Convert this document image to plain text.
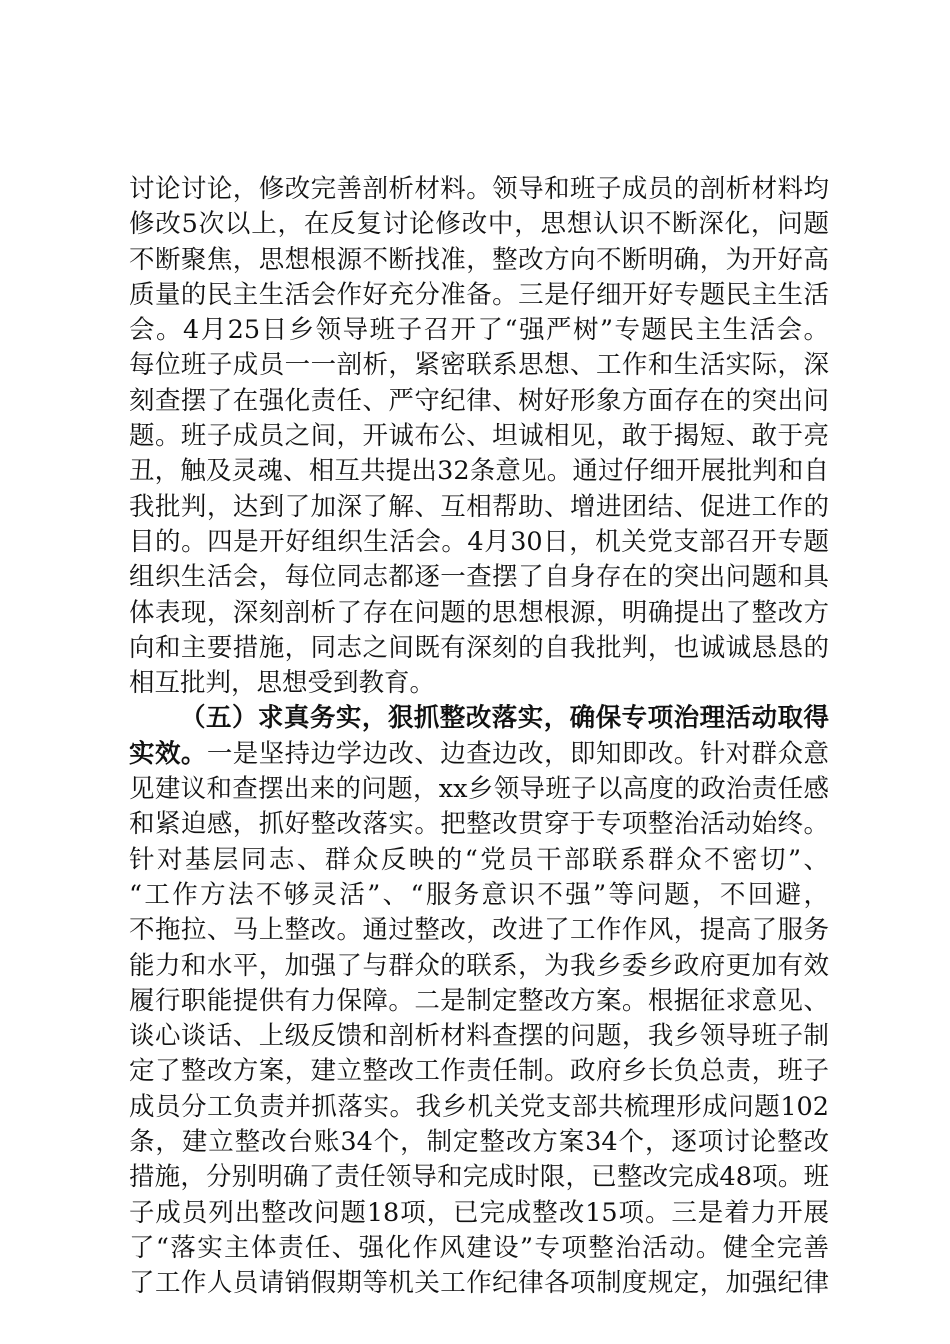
讨论讨论，修改完善剖析材料。领导和班子成员的剖析材料均
修改5次以上，在反复讨论修改中，思想认识不断深化，问题
不断聚焦，思想根源不断找准，整改方向不断明确，为开好高
质量的民主生活会作好充分准备。三是仔细开好专题民主生活
会。4月25日乡领导班子召开了“强严树”专题民主生活会。
每位班子成员一一剖析，紧密联系思想、工作和生活实际，深
刻查摆了在强化责任、严守纪律、树好形象方面存在的突出问
题。班子成员之间，开诚布公、坦诚相见，敢于揭短、敢于亮
丑，触及灵魂、相互共提出32条意见。通过仔细开展批判和自
我批判，达到了加深了解、互相帮助、增进团结、促进工作的
目的。四是开好组织生活会。4月30日，机关党支部召开专题
组织生活会，每位同志都逐一查摆了自身存在的突出问题和具
体表现，深刻剖析了存在问题的思想根源，明确提出了整改方
向和主要措施，同志之间既有深刻的自我批判，也诚诚恳恳的
相互批判，思想受到教育。
（五）求真务实，狠抓整改落实，确保专项治理活动取得
实效。一是坚持边学边改、边查边改，即知即改。针对群众意
见建议和查摆出来的问题，xx乡领导班子以高度的政治责任感
和紧迫感，抓好整改落实。把整改贯穿于专项整治活动始终。
针对基层同志、群众反映的“党员干部联系群众不密切”、
“工作方法不够灵活”、“服务意识不强”等问题，不回避，
不拖拉、马上整改。通过整改，改进了工作作风，提高了服务
能力和水平，加强了与群众的联系，为我乡委乡政府更加有效
履行职能提供有力保障。二是制定整改方案。根据征求意见、
谈心谈话、上级反馈和剖析材料查摆的问题，我乡领导班子制
定了整改方案，建立整改工作责任制。政府乡长负总责，班子
成员分工负责并抓落实。我乡机关党支部共梳理形成问题102
条，建立整改台账34个，制定整改方案34个，逐项讨论整改
措施，分别明确了责任领导和完成时限，已整改完成48项。班
子成员列出整改问题18项，已完成整改15项。三是着力开展
了“落实主体责任、强化作风建设”专项整治活动。健全完善
了工作人员请销假期等机关工作纪律各项制度规定，加强纪律
